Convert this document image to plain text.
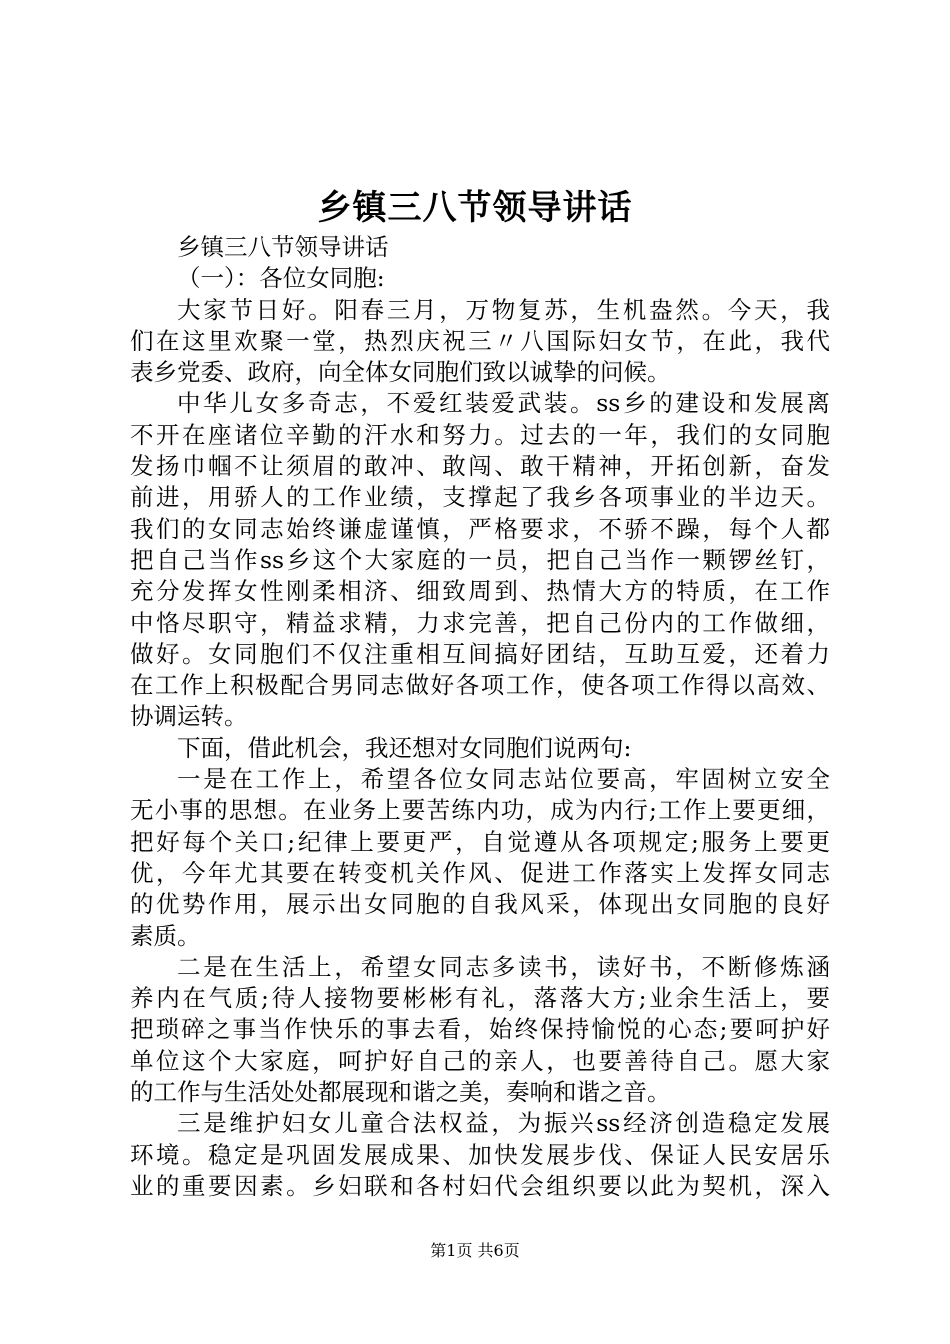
乡镇三八节领导讲话
乡镇三八节领导讲话
（一）：各位女同胞:
大家节日好。阳春三月，万物复苏，生机盎然。今天，我
们在这里欢聚一堂，热烈庆祝三〃八国际妇女节，在此，我代
表乡党委、政府，向全体女同胞们致以诚挚的问候。
中华儿女多奇志，不爱红装爱武装。ss乡的建设和发展离
不开在座诸位辛勤的汗水和努力。过去的一年，我们的女同胞
发扬巾帼不让须眉的敢冲、敢闯、敢干精神，开拓创新，奋发
前进，用骄人的工作业绩，支撑起了我乡各项事业的半边天。
我们的女同志始终谦虚谨慎，严格要求，不骄不躁，每个人都
把自己当作ss乡这个大家庭的一员，把自己当作一颗锣丝钉，
充分发挥女性刚柔相济、细致周到、热情大方的特质，在工作
中恪尽职守，精益求精，力求完善，把自己份内的工作做细，
做好。女同胞们不仅注重相互间搞好团结，互助互爱，还着力
在工作上积极配合男同志做好各项工作，使各项工作得以高效、
协调运转。
下面，借此机会，我还想对女同胞们说两句:
一是在工作上，希望各位女同志站位要高，牢固树立安全
无小事的思想。在业务上要苦练内功，成为内行;工作上要更细，
把好每个关口;纪律上要更严，自觉遵从各项规定;服务上要更
优，今年尤其要在转变机关作风、促进工作落实上发挥女同志
的优势作用，展示出女同胞的自我风采，体现出女同胞的良好
素质。
二是在生活上，希望女同志多读书，读好书，不断修炼涵
养内在气质;待人接物要彬彬有礼，落落大方;业余生活上，要
把琐碎之事当作快乐的事去看，始终保持愉悦的心态;要呵护好
单位这个大家庭，呵护好自己的亲人，也要善待自己。愿大家
的工作与生活处处都展现和谐之美，奏响和谐之音。
三是维护妇女儿童合法权益，为振兴ss经济创造稳定发展
环境。稳定是巩固发展成果、加快发展步伐、保证人民安居乐
业的重要因素。乡妇联和各村妇代会组织要以此为契机，深入
第1页 共6页
